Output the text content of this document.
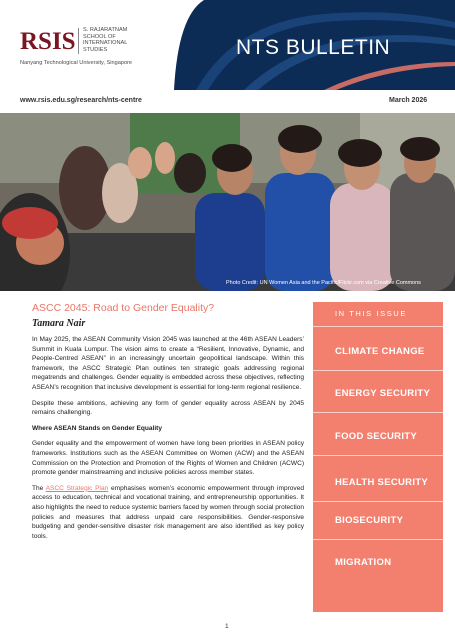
RSIS S. RAJARATNAM
SCHOOL OF
INTERNATIONAL
STUDIES
Nanyang Technological University, Singapore
NTS BULLETIN
www.rsis.edu.sg/research/nts-centre	March 2026
Photo Credit: UN Women Asia and the Pacific/Flickr.com via Creative Commons
ASCC 2045: Road to Gender Equality?
Tamara Nair

In May 2025, the ASEAN Community Vision 2045 was launched at the 46th ASEAN Leaders’ Summit in Kuala Lumpur. The vision aims to create a “Resilient, Innovative, Dynamic, and People-Centred ASEAN” in an increasingly uncertain geopolitical landscape. Within this framework, the ASCC Strategic Plan outlines ten strategic goals addressing regional megatrends and challenges. Gender equality is embedded across these objectives, reflecting ASEAN’s recognition that inclusive development is essential for long-term regional resilience.

Despite these ambitions, achieving any form of gender equality across ASEAN by 2045 remains challenging.

Where ASEAN Stands on Gender Equality

Gender equality and the empowerment of women have long been priorities in ASEAN policy frameworks. Institutions such as the ASEAN Committee on Women (ACW) and the ASEAN Commission on the Protection and Promotion of the Rights of Women and Children (ACWC) promote gender mainstreaming and inclusive policies across member states.

The ASCC Strategic Plan emphasises women’s economic empowerment through improved access to education, technical and vocational training, and entrepreneurship opportunities. It also highlights the need to reduce systemic barriers faced by women through social protection policies and measures that address unpaid care responsibilities. Gender-responsive budgeting and gender-sensitive disaster risk management are also identified as key policy tools.

1
IN THIS ISSUE
CLIMATE CHANGE
ENERGY SECURITY
FOOD SECURITY
HEALTH SECURITY
BIOSECURITY
MIGRATION
